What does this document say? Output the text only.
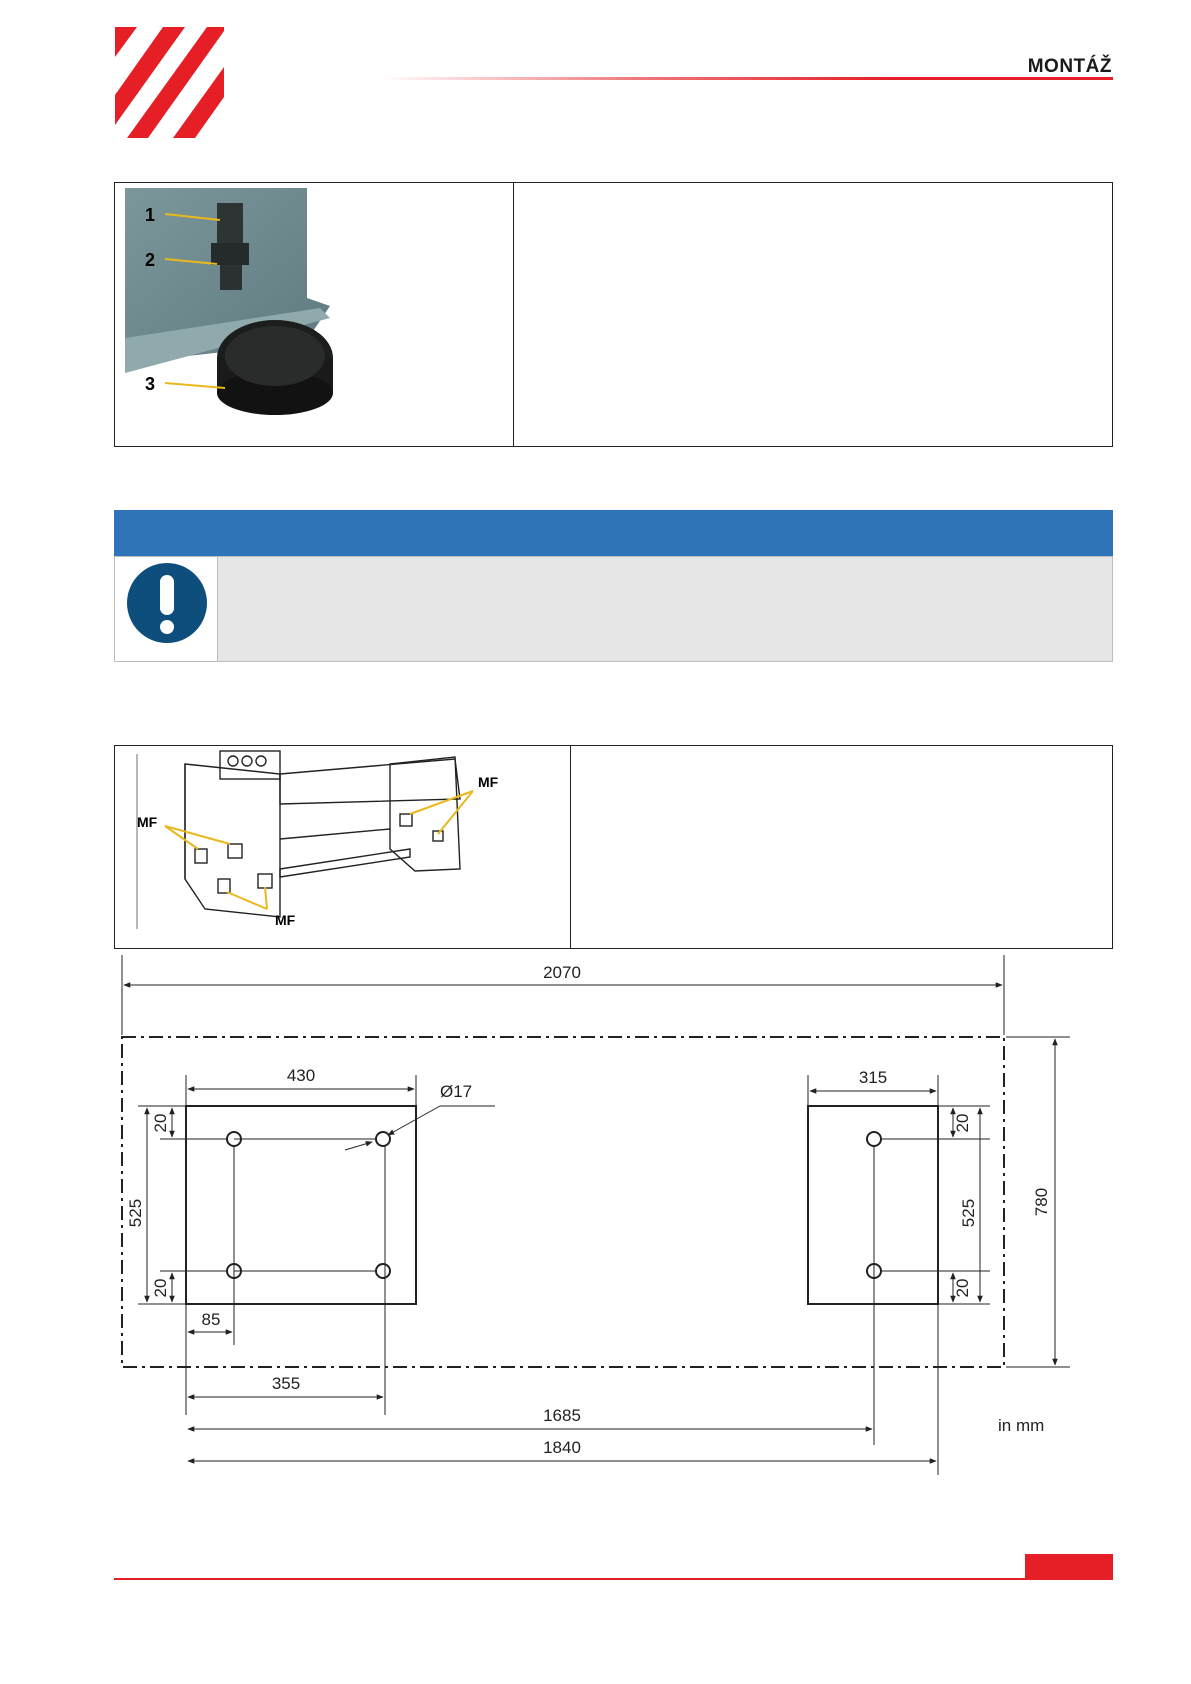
MONTÁŽ
1
2
3
MF
MF
MF
2070
780
430
Ø17
525
20
20
85
355
315
20
525
20
1685
1840
in mm
